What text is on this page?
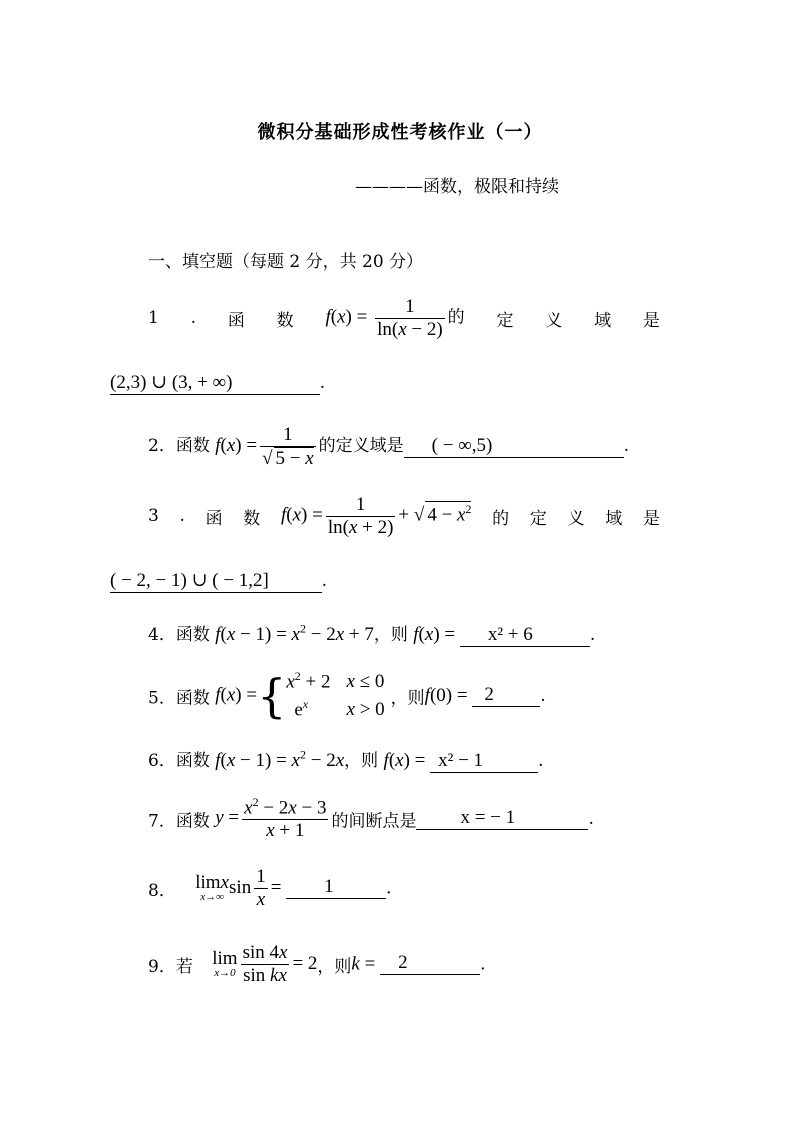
微积分基础形成性考核作业（一）
————函数，极限和持续
一、填空题（每题 2 分，共 20 分）
1 . 函 数 $f(x) = \frac{1}{\ln(x - 2)}$ 的 定 义 域 是
(2,3) ∪ (3, + ∞)	.
2．函数 $f(x) = \frac{1}{√ 5 - x}$ 的定义域是 ( − ∞,5)	.
3 . 函 数 $f(x) = \frac{1}{\ln(x + 2)}$ + √ $4 - x^2$ 的 定 义 域 是
( − 2, − 1) ∪ ( − 1,2]	.
4．函数 $f(x - 1) = x^2 - 2x + 7$，则 f(x) = x² + 6	.
5．函数 f(x) ={ $x^2 + 2$	x ≤ 0
$e^x$	x > 0，则f(0) = 2	.
6．函数 $f(x - 1) = x^2 - 2x$，则 f(x) = x² − 1	.
7．函数 $y = \frac{x^2 - 2x - 3}{x + 1}$ 的间断点是 x = − 1	.
8． limx
x→∞ $\sin \frac{1}{x} = 1$	.
9．若 lim
$x\to 0 \frac{\sin 4x}{\text{sin kx}} = 2$，则k = 2	.
